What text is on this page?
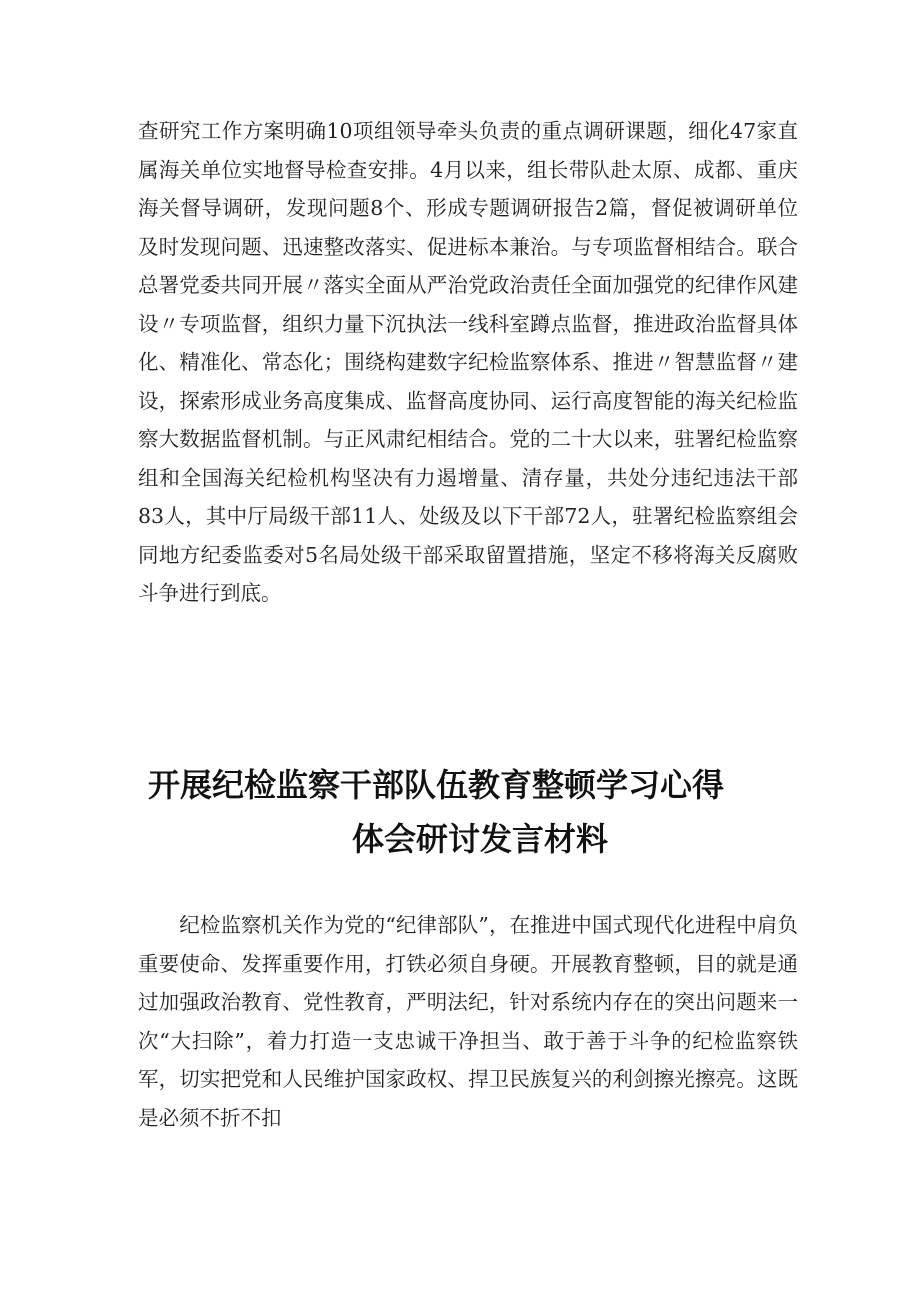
查研究工作方案明确10项组领导牵头负责的重点调研课题，细化47家直属海关单位实地督导检查安排。4月以来，组长带队赴太原、成都、重庆海关督导调研，发现问题8个、形成专题调研报告2篇，督促被调研单位及时发现问题、迅速整改落实、促进标本兼治。与专项监督相结合。联合总署党委共同开展〃落实全面从严治党政治责任全面加强党的纪律作风建设〃专项监督，组织力量下沉执法一线科室蹲点监督，推进政治监督具体化、精准化、常态化；围绕构建数字纪检监察体系、推进〃智慧监督〃建设，探索形成业务高度集成、监督高度协同、运行高度智能的海关纪检监察大数据监督机制。与正风肃纪相结合。党的二十大以来，驻署纪检监察组和全国海关纪检机构坚决有力遏增量、清存量，共处分违纪违法干部83人，其中厅局级干部11人、处级及以下干部72人，驻署纪检监察组会同地方纪委监委对5名局处级干部采取留置措施，坚定不移将海关反腐败斗争进行到底。

开展纪检监察干部队伍教育整顿学习心得
体会研讨发言材料

　　纪检监察机关作为党的“纪律部队”，在推进中国式现代化进程中肩负重要使命、发挥重要作用，打铁必须自身硬。开展教育整顿，目的就是通过加强政治教育、党性教育，严明法纪，针对系统内存在的突出问题来一次“大扫除”，着力打造一支忠诚干净担当、敢于善于斗争的纪检监察铁军，切实把党和人民维护国家政权、捍卫民族复兴的利剑擦光擦亮。这既是必须不折不扣
